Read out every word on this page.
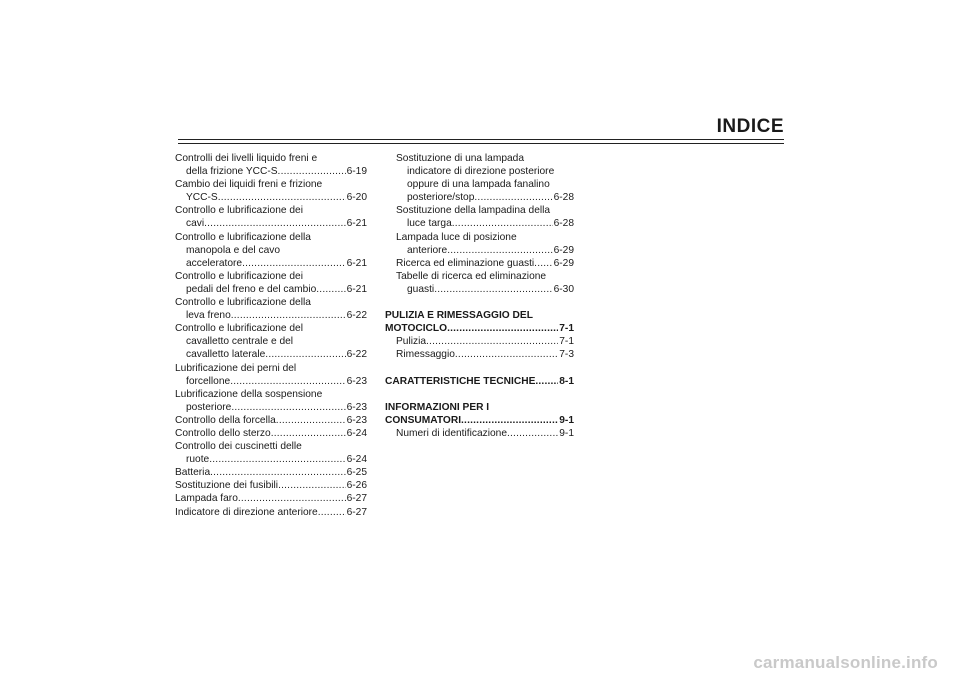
INDICE
Controlli dei livelli liquido freni e
della frizione YCC-S .....	6-19
Cambio dei liquidi freni e frizione
YCC-S .....	6-20
Controllo e lubrificazione dei
cavi .....	6-21
Controllo e lubrificazione della
manopola e del cavo
acceleratore .....	6-21
Controllo e lubrificazione dei
pedali del freno e del cambio .....	6-21
Controllo e lubrificazione della
leva freno .....	6-22
Controllo e lubrificazione del
cavalletto centrale e del
cavalletto laterale .....	6-22
Lubrificazione dei perni del
forcellone .....	6-23
Lubrificazione della sospensione
posteriore .....	6-23
Controllo della forcella .....	6-23
Controllo dello sterzo .....	6-24
Controllo dei cuscinetti delle
ruote .....	6-24
Batteria .....	6-25
Sostituzione dei fusibili .....	6-26
Lampada faro .....	6-27
Indicatore di direzione anteriore .....	6-27
Sostituzione di una lampada
indicatore di direzione posteriore
oppure di una lampada fanalino
posteriore/stop .....	6-28
Sostituzione della lampadina della
luce targa .....	6-28
Lampada luce di posizione
anteriore .....	6-29
Ricerca ed eliminazione guasti ..... 6-29
Tabelle di ricerca ed eliminazione
guasti .....	6-30
PULIZIA E RIMESSAGGIO DEL
MOTOCICLO .....	7-1
Pulizia .....	7-1
Rimessaggio .....	7-3
CARATTERISTICHE TECNICHE ..... 8-1
INFORMAZIONI PER I
CONSUMATORI .....	9-1
Numeri di identificazione .....	9-1
carmanualsonline.info
